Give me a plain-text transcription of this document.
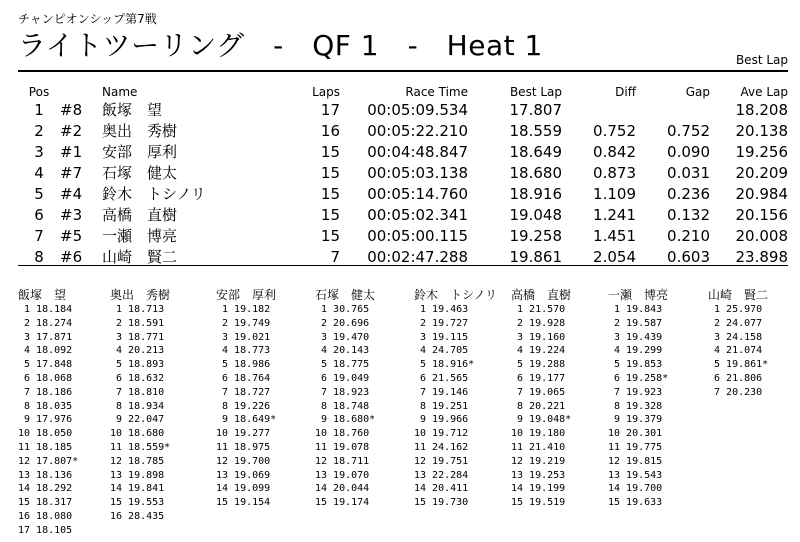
チャンピオンシップ第7戦
ライトツーリング　-　QF 1　-　Heat 1	Best Lap
Pos		Name	Laps	Race Time	Best Lap	Diff	Gap	Ave Lap
1	#8	飯塚　望	17	00:05:09.534	17.807			18.208
2	#2	奥出　秀樹	16	00:05:22.210	18.559	0.752	0.752	20.138
3	#1	安部　厚利	15	00:04:48.847	18.649	0.842	0.090	19.256
4	#7	石塚　健太	15	00:05:03.138	18.680	0.873	0.031	20.209
5	#4	鈴木　トシノリ	15	00:05:14.760	18.916	1.109	0.236	20.984
6	#3	高橋　直樹	15	00:05:02.341	19.048	1.241	0.132	20.156
7	#5	一瀬　博亮	15	00:05:00.115	19.258	1.451	0.210	20.008
8	#6	山崎　賢二	7	00:02:47.288	19.861	2.054	0.603	23.898
飯塚　望
1 18.184
2 18.274
3 17.871
4 18.092
5 17.848
6 18.068
7 18.186
8 18.035
9 17.976
10 18.050
11 18.185
12 17.807*
13 18.136
14 18.292
15 18.317
16 18.080
17 18.105
奥出　秀樹
1 18.713
2 18.591
3 18.771
4 20.213
5 18.893
6 18.632
7 18.810
8 18.934
9 22.047
10 18.680
11 18.559*
12 18.785
13 19.898
14 19.841
15 19.553
16 28.435
安部　厚利
1 19.182
2 19.749
3 19.021
4 18.773
5 18.986
6 18.764
7 18.727
8 19.226
9 18.649*
10 19.277
11 18.975
12 19.700
13 19.069
14 19.099
15 19.154
石塚　健太
1 30.765
2 20.696
3 19.470
4 20.143
5 18.775
6 19.049
7 18.923
8 18.748
9 18.680*
10 18.760
11 19.078
12 18.711
13 19.070
14 20.044
15 19.174
鈴木　トシノリ
1 19.463
2 19.727
3 19.115
4 24.705
5 18.916*
6 21.565
7 19.146
8 19.251
9 19.966
10 19.712
11 24.162
12 19.751
13 22.284
14 20.411
15 19.730
高橋　直樹
1 21.570
2 19.928
3 19.160
4 19.224
5 19.288
6 19.177
7 19.065
8 20.221
9 19.048*
10 19.180
11 21.410
12 19.219
13 19.253
14 19.199
15 19.519
一瀬　博亮
1 19.843
2 19.587
3 19.439
4 19.299
5 19.853
6 19.258*
7 19.923
8 19.328
9 19.379
10 20.301
11 19.775
12 19.815
13 19.543
14 19.700
15 19.633
山崎　賢二
1 25.970
2 24.077
3 24.158
4 21.074
5 19.861*
6 21.806
7 20.230
